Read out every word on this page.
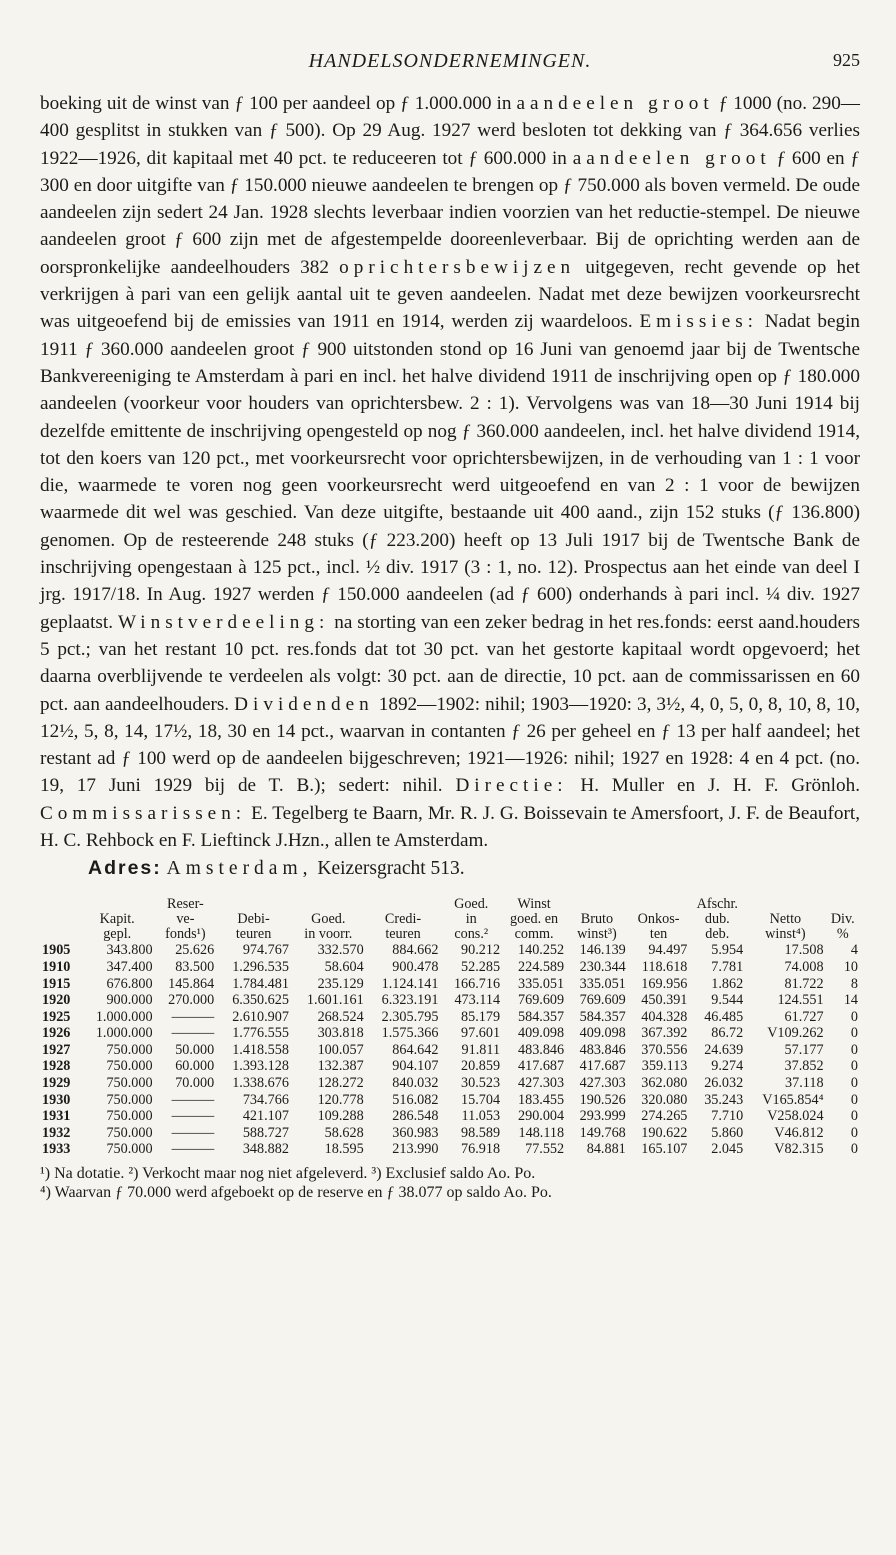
HANDELSONDERNEMINGEN.	925

boeking uit de winst van ƒ 100 per aandeel op ƒ 1.000.000 in aandeelen groot ƒ 1000 (no. 290—400 gesplitst in stukken van ƒ 500). Op 29 Aug. 1927 werd besloten tot dekking van ƒ 364.656 verlies 1922—1926, dit kapitaal met 40 pct. te reduceeren tot ƒ 600.000 in aandeelen groot ƒ 600 en ƒ 300 en door uitgifte van ƒ 150.000 nieuwe aandeelen te brengen op ƒ 750.000 als boven vermeld. De oude aandeelen zijn sedert 24 Jan. 1928 slechts leverbaar indien voorzien van het reductie-stempel. De nieuwe aandeelen groot ƒ 600 zijn met de afgestempelde dooreenleverbaar. Bij de oprichting werden aan de oorspronkelijke aandeelhouders 382 oprichtersbewijzen uitgegeven, recht gevende op het verkrijgen à pari van een gelijk aantal uit te geven aandeelen. Nadat met deze bewijzen voorkeursrecht was uitgeoefend bij de emissies van 1911 en 1914, werden zij waardeloos. Emissies: Nadat begin 1911 ƒ 360.000 aandeelen groot ƒ 900 uitstonden stond op 16 Juni van genoemd jaar bij de Twentsche Bankvereeniging te Amsterdam à pari en incl. het halve dividend 1911 de inschrijving open op ƒ 180.000 aandeelen (voorkeur voor houders van oprichtersbew. 2 : 1). Vervolgens was van 18—30 Juni 1914 bij dezelfde emittente de inschrijving opengesteld op nog ƒ 360.000 aandeelen, incl. het halve dividend 1914, tot den koers van 120 pct., met voorkeursrecht voor oprichtersbewijzen, in de verhouding van 1 : 1 voor die, waarmede te voren nog geen voorkeursrecht werd uitgeoefend en van 2 : 1 voor de bewijzen waarmede dit wel was geschied. Van deze uitgifte, bestaande uit 400 aand., zijn 152 stuks (ƒ 136.800) genomen. Op de resteerende 248 stuks (ƒ 223.200) heeft op 13 Juli 1917 bij de Twentsche Bank de inschrijving opengestaan à 125 pct., incl. ½ div. 1917 (3 : 1, no. 12). Prospectus aan het einde van deel I jrg. 1917/18. In Aug. 1927 werden ƒ 150.000 aandeelen (ad ƒ 600) onderhands à pari incl. ¼ div. 1927 geplaatst. Winstverdeeling: na storting van een zeker bedrag in het res.fonds: eerst aand.houders 5 pct.; van het restant 10 pct. res.fonds dat tot 30 pct. van het gestorte kapitaal wordt opgevoerd; het daarna overblijvende te verdeelen als volgt: 30 pct. aan de directie, 10 pct. aan de commissarissen en 60 pct. aan aandeelhouders. Dividenden 1892—1902: nihil; 1903—1920: 3, 3½, 4, 0, 5, 0, 8, 10, 8, 10, 12½, 5, 8, 14, 17½, 18, 30 en 14 pct., waarvan in contanten ƒ 26 per geheel en ƒ 13 per half aandeel; het restant ad ƒ 100 werd op de aandeelen bijgeschreven; 1921—1926: nihil; 1927 en 1928: 4 en 4 pct. (no. 19, 17 Juni 1929 bij de T. B.); sedert: nihil. Directie: H. Muller en J. H. F. Grönloh. Commissarissen: E. Tegelberg te Baarn, Mr. R. J. G. Boissevain te Amersfoort, J. F. de Beaufort, H. C. Rehbock en F. Lieftinck J.Hzn., allen te Amsterdam.

Adres: Amsterdam, Keizersgracht 513.

		Reser-				Goed.	Winst			Afschr.		
	Kapit.	ve-	Debi-	Goed.	Credi-	in	goed. en	Bruto	Onkos-	dub.	Netto	Div.
	gepl.	fonds¹)	teuren	in voorr.	teuren	cons.²	comm.	winst³)	ten	deb.	winst⁴)	%
1905	343.800	25.626	974.767	332.570	884.662	90.212	140.252	146.139	94.497	5.954	17.508	4
1910	347.400	83.500	1.296.535	58.604	900.478	52.285	224.589	230.344	118.618	7.781	74.008	10
1915	676.800	145.864	1.784.481	235.129	1.124.141	166.716	335.051	335.051	169.956	1.862	81.722	8
1920	900.000	270.000	6.350.625	1.601.161	6.323.191	473.114	769.609	769.609	450.391	9.544	124.551	14
1925	1.000.000	———	2.610.907	268.524	2.305.795	85.179	584.357	584.357	404.328	46.485	61.727	0
1926	1.000.000	———	1.776.555	303.818	1.575.366	97.601	409.098	409.098	367.392	86.72	V109.262	0
1927	750.000	50.000	1.418.558	100.057	864.642	91.811	483.846	483.846	370.556	24.639	57.177	0
1928	750.000	60.000	1.393.128	132.387	904.107	20.859	417.687	417.687	359.113	9.274	37.852	0
1929	750.000	70.000	1.338.676	128.272	840.032	30.523	427.303	427.303	362.080	26.032	37.118	0
1930	750.000	———	734.766	120.778	516.082	15.704	183.455	190.526	320.080	35.243	V165.854⁴	0
1931	750.000	———	421.107	109.288	286.548	11.053	290.004	293.999	274.265	7.710	V258.024	0
1932	750.000	———	588.727	58.628	360.983	98.589	148.118	149.768	190.622	5.860	V46.812	0
1933	750.000	———	348.882	18.595	213.990	76.918	77.552	84.881	165.107	2.045	V82.315	0
¹) Na dotatie. ²) Verkocht maar nog niet afgeleverd. ³) Exclusief saldo Ao. Po.
⁴) Waarvan ƒ 70.000 werd afgeboekt op de reserve en ƒ 38.077 op saldo Ao. Po.
